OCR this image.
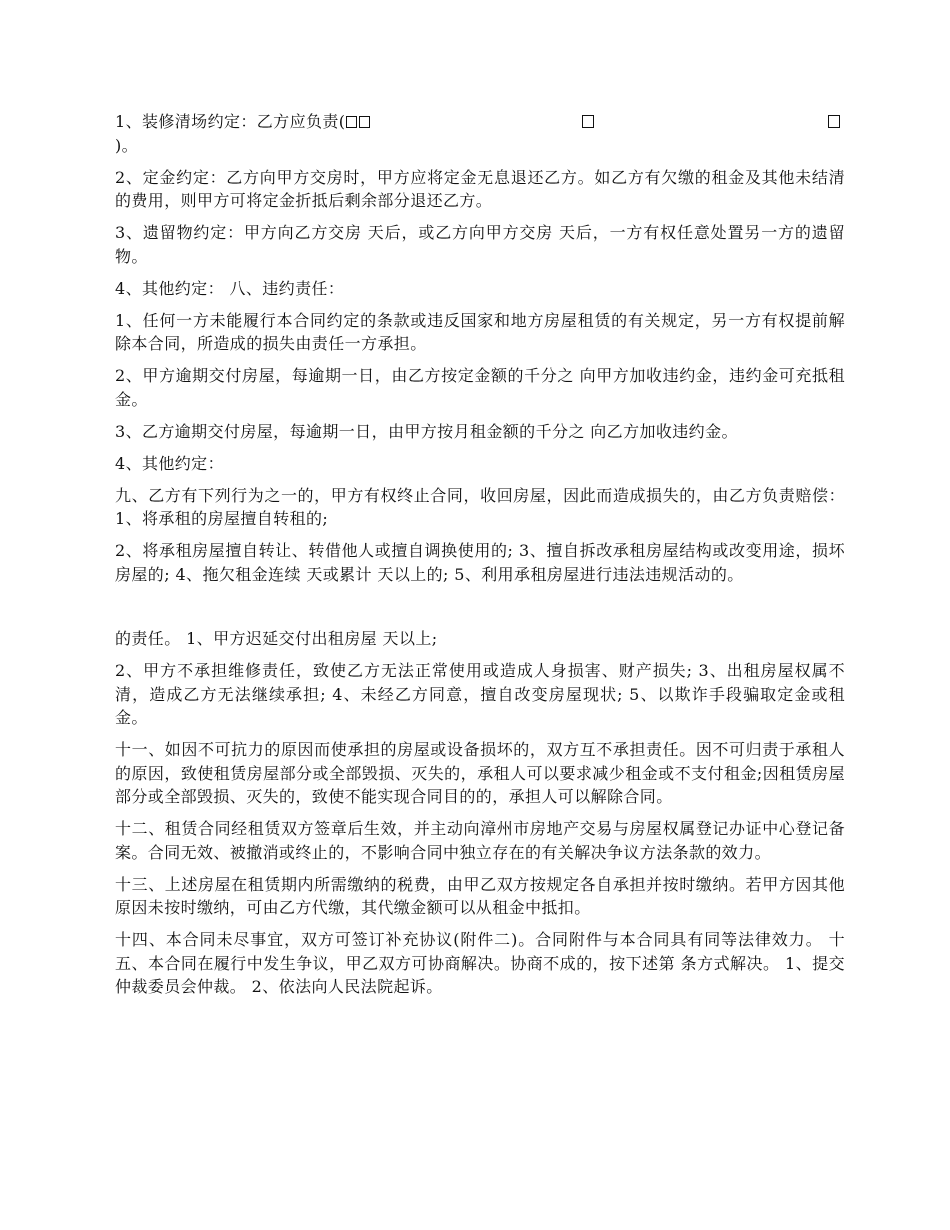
1、装修清场约定：乙方应负责(

)。

2、定金约定：乙方向甲方交房时，甲方应将定金无息退还乙方。如乙方有欠缴的租金及其他未结清的费用，则甲方可将定金折抵后剩余部分退还乙方。

3、遗留物约定：甲方向乙方交房 天后，或乙方向甲方交房 天后，一方有权任意处置另一方的遗留物。

4、其他约定： 八、违约责任：

1、任何一方未能履行本合同约定的条款或违反国家和地方房屋租赁的有关规定，另一方有权提前解除本合同，所造成的损失由责任一方承担。

2、甲方逾期交付房屋，每逾期一日，由乙方按定金额的千分之 向甲方加收违约金，违约金可充抵租金。

3、乙方逾期交付房屋，每逾期一日，由甲方按月租金额的千分之 向乙方加收违约金。

4、其他约定：

九、乙方有下列行为之一的，甲方有权终止合同，收回房屋，因此而造成损失的，由乙方负责赔偿： 1、将承租的房屋擅自转租的;

2、将承租房屋擅自转让、转借他人或擅自调换使用的; 3、擅自拆改承租房屋结构或改变用途，损坏房屋的; 4、拖欠租金连续 天或累计 天以上的; 5、利用承租房屋进行违法违规活动的。

的责任。 1、甲方迟延交付出租房屋 天以上;

2、甲方不承担维修责任，致使乙方无法正常使用或造成人身损害、财产损失; 3、出租房屋权属不清，造成乙方无法继续承担; 4、未经乙方同意，擅自改变房屋现状; 5、以欺诈手段骗取定金或租金。

十一、如因不可抗力的原因而使承担的房屋或设备损坏的，双方互不承担责任。因不可归责于承租人的原因，致使租赁房屋部分或全部毁损、灭失的，承租人可以要求减少租金或不支付租金;因租赁房屋部分或全部毁损、灭失的，致使不能实现合同目的的，承担人可以解除合同。

十二、租赁合同经租赁双方签章后生效，并主动向漳州市房地产交易与房屋权属登记办证中心登记备案。合同无效、被撤消或终止的，不影响合同中独立存在的有关解决争议方法条款的效力。

十三、上述房屋在租赁期内所需缴纳的税费，由甲乙双方按规定各自承担并按时缴纳。若甲方因其他原因未按时缴纳，可由乙方代缴，其代缴金额可以从租金中抵扣。

十四、本合同未尽事宜，双方可签订补充协议(附件二)。合同附件与本合同具有同等法律效力。 十五、本合同在履行中发生争议，甲乙双方可协商解决。协商不成的，按下述第 条方式解决。 1、提交 仲裁委员会仲裁。 2、依法向人民法院起诉。
